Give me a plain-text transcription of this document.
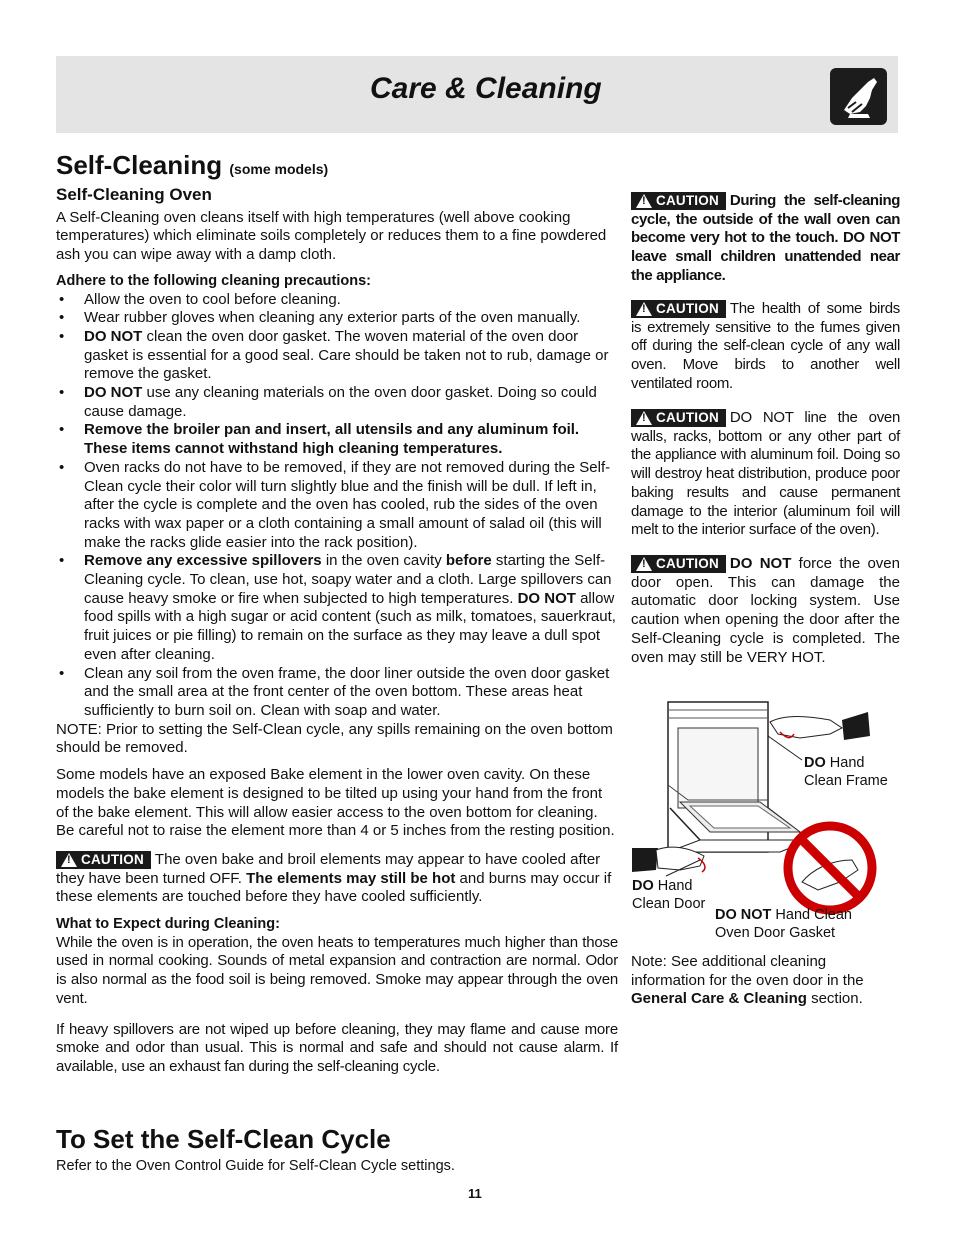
Care & Cleaning
Self-Cleaning (some models)
Self-Cleaning Oven
A Self-Cleaning oven cleans itself with high temperatures (well above cooking temperatures) which eliminate soils completely or reduces them to a fine powdered ash you can wipe away with a damp cloth.
Adhere to the following cleaning precautions:
• Allow the oven to cool before cleaning.
• Wear rubber gloves when cleaning any exterior parts of the oven manually.
• DO NOT clean the oven door gasket. The woven material of the oven door gasket is essential for a good seal. Care should be taken not to rub, damage or remove the gasket.
• DO NOT use any cleaning materials on the oven door gasket. Doing so could cause damage.
• Remove the broiler pan and insert, all utensils and any aluminum foil. These items cannot withstand high cleaning temperatures.
• Oven racks do not have to be removed, if they are not removed during the Self-Clean cycle their color will turn slightly blue and the finish will be dull. If left in, after the cycle is complete and the oven has cooled, rub the sides of the oven racks with wax paper or a cloth containing a small amount of salad oil (this will make the racks glide easier into the rack position).
• Remove any excessive spillovers in the oven cavity before starting the Self-Cleaning cycle. To clean, use hot, soapy water and a cloth. Large spillovers can cause heavy smoke or fire when subjected to high temperatures. DO NOT allow food spills with a high sugar or acid content (such as milk, tomatoes, sauerkraut, fruit juices or pie filling) to remain on the surface as they may leave a dull spot even after cleaning.
• Clean any soil from the oven frame, the door liner outside the oven door gasket and the small area at the front center of the oven bottom. These areas heat sufficiently to burn soil on. Clean with soap and water.
NOTE: Prior to setting the Self-Clean cycle, any spills remaining on the oven bottom should be removed.
Some models have an exposed Bake element in the lower oven cavity. On these models the bake element is designed to be tilted up using your hand from the front of the bake element. This will allow easier access to the oven bottom for cleaning. Be careful not to raise the element more than 4 or 5 inches from the resting position.
!
CAUTION The oven bake and broil elements may appear to have cooled after they have been turned OFF. The elements may still be hot and burns may occur if these elements are touched before they have cooled sufficiently.
What to Expect during Cleaning:
While the oven is in operation, the oven heats to temperatures much higher than those used in normal cooking. Sounds of metal expansion and contraction are normal. Odor is also normal as the food soil is being removed. Smoke may appear through the oven vent.
If heavy spillovers are not wiped up before cleaning, they may flame and cause more smoke and odor than usual. This is normal and safe and should not cause alarm. If available, use an exhaust fan during the self-cleaning cycle.
!
CAUTION During the self-cleaning cycle, the outside of the wall oven can become very hot to the touch. DO NOT leave small children unattended near the appliance.
!
CAUTION The health of some birds is extremely sensitive to the fumes given off during the self-clean cycle of any wall oven. Move birds to another well ventilated room.
!
CAUTION DO NOT line the oven walls, racks, bottom or any other part of the appliance with aluminum foil. Doing so will destroy heat distribution, produce poor baking results and cause permanent damage to the interior (aluminum foil will melt to the interior surface of the oven).
!
CAUTION DO NOT force the oven door open. This can damage the automatic door locking system. Use caution when opening the door after the Self-Cleaning cycle is completed. The oven may still be VERY HOT.
DO Hand
Clean Frame
DO Hand
Clean Door
DO NOT Hand Clean
Oven Door Gasket
Note: See additional cleaning information for the oven door in the General Care & Cleaning section.
To Set the Self-Clean Cycle
Refer to the Oven Control Guide for Self-Clean Cycle settings.
11
